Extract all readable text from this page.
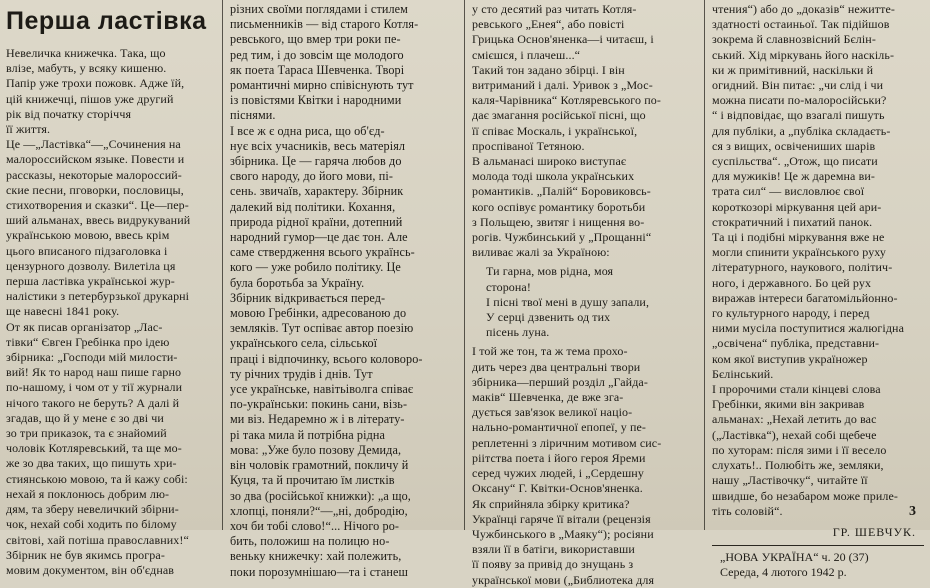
Перша ластівка
Невеличка книжечка. Така, що
влізе, мабуть, у всяку кишеню.
Папір уже трохи пожовк. Адже їй,
цій книжечці, пішов уже другий
рік від початку сторіччя
її життя.
Це —„Ластівка“—„Сочинения на
малороссийском языке. Повести и
рассказы, некоторые малороссий-
ские песни, пговорки, пословицы,
стихотворения и сказки“. Це—пер-
ший альманах, ввесь видрукуваний
українською мовою, ввесь крім
цього вписаного підзаголовка і
цензурного дозволу. Вилетіла ця
перша ластівка українськоі жур-
налістики з петербурзької друкарні
ще навесні 1841 року.
От як писав організатор „Лас-
тівки“ Євген Гребінка про ідею
збірника: „Господи мій милости-
вий! Як то народ наш пише гарно
по-нашому, і чом от у тії журнали
нічого такого не беруть? А далі й
згадав, що й у мене є зо дві чи
зо три приказок, та є знайомий
чоловік Котляревський, та ще мо-
же зо два таких, що пишуть хри-
стиянською мовою, та й кажу собі:
нехай я поклонюсь добрим лю-
дям, та зберу невеличкий збірни-
чок, нехай собі ходить по білому
світові, хай потіша православних!“
Збірник не був якимсь програ-
мовим документом, він об'єднав
різних своїми поглядами і стилем
письменників — від старого Котля-
ревського, що вмер три роки пе-
ред тим, і до зовсім ще молодого
як поета Тараса Шевченка. Творі
романтичні мирно співіснують тут
із повістями Квітки і народними
піснями.
І все ж є одна риса, що об'єд-
нує всіх учасників, весь матеріял
збірника. Це — гаряча любов до
свого народу, до його мови, пі-
сень. звичаїв, характеру. Збірник
далекий від політики. Кохання,
природа рідної країни, дотепний
народний гумор—це дає тон. Але
саме ствердження всього українсь-
кого — уже робило політику. Це
була боротьба за Україну.
Збірник відкривається перед-
мовою Гребінки, адресованою до
земляків. Тут оспіває автор поезію
українського села, сільської
праці і відпочинку, всього коловоро-
ту річних трудів і днів. Тут
усе українське, навітьіволга співає
по-українськи: покинь сани, візь-
ми віз. Недаремно ж і в літерату-
рі така мила й потрібна рідна
мова: „Уже було позову Демида,
він чоловік грамотний, покличу й
Куця, та й прочитаю їм листків
зо два (російської книжки): „а що,
хлопці, поняли?“—„ні, добродію,
хоч би тобі слово!“... Нічого ро-
бить, положиш на полицю но-
веньку книжечку: хай полежить,
поки порозумнішаю—та і станеш
у сто десятий раз читать Котля-
ревського „Енея“, або повісті
Грицька Основ'яненка—і читаєш, і
смієшся, і плачеш...“
Такий тон задано збірці. І він
витриманий і далі. Уривок з „Мос-
каля-Чарівника“ Котляревського по-
дає змагання російської пісні, що
її співає Москаль, і української,
проспіваної Тетяною.
В альманасі широко виступає
молода тоді школа українських
романтиків. „Палій“ Боровиковсь-
кого оспівує романтику боротьби
з Польщею, звитяг і нищення во-
рогів. Чужбинський у „Прощанні“
виливає жалі за Україною:
Ти гарна, мов рідна, моя
сторона!
І пісні твої мені в душу запали,
У серці дзвенить од тих
пісень луна.
І той же тон, та ж тема прохо-
дить через два центральні твори
збірника—перший розділ „Гайда-
маків“ Шевченка, де вже зга-
дується зав'язок великої націо-
нально-романтичної епопеї, у пе-
реплетенні з ліричним мотивом сис-
ріітства поета і його героя Яреми
серед чужих людей, і „Сердешну
Оксану“ Г. Квітки-Основ'яненка.
Як сприйняла збірку критика?
Українці гаряче її вітали (рецензія
Чужбинського в „Маяку“); росіяни
взяли її в батіги, використавши
її появу за привід до знущань з
української мови („Библиотека для
чтения“) або до „доказів“ нежитте-
здатності остаиньої. Так підійшов
зокрема й славнозвісний Бєлін-
ський. Хід міркувань його наскіль-
ки ж примітивний, наскільки й
огидний. Він питає: „чи слід і чи
можна писати по-малоросійськи?
“ і відповідає, що взагалі пишуть
для публіки, а „публіка складаєть-
ся з вищих, освічениших шарів
суспільства“. „Отож, що писати
для мужиків! Це ж даремна ви-
трата сил“ — висловлює свої
короткозорі міркування цей ари-
стократичний і пихатий панок.
Та ці і подібні міркування вже не
могли спинити українського руху
літературного, наукового, політич-
ного, і державного. Бо цей рух
виражав інтереси багатомільйонно-
го культурного народу, і перед
ними мусіла поступитися жалюгідна
„освічена“ публіка, представни-
ком якої виступив україножер
Бєлінський.
І пророчими стали кінцеві слова
Гребінки, якими він закривав
альманах: „Нехай летить до вас
(„Ластівка“), нехай собі щебече
по хуторам: після зими і її весело
слухать!.. Полюбіть же, земляки,
нашу „Ластівочку“, читайте її
швидше, бо незабаром може приле-
тіть соловій“.
ГР. ШЕВЧУК.
„НОВА УКРАЇНА“ ч. 20 (37)
Середа, 4 лютого 1942 р.
3
